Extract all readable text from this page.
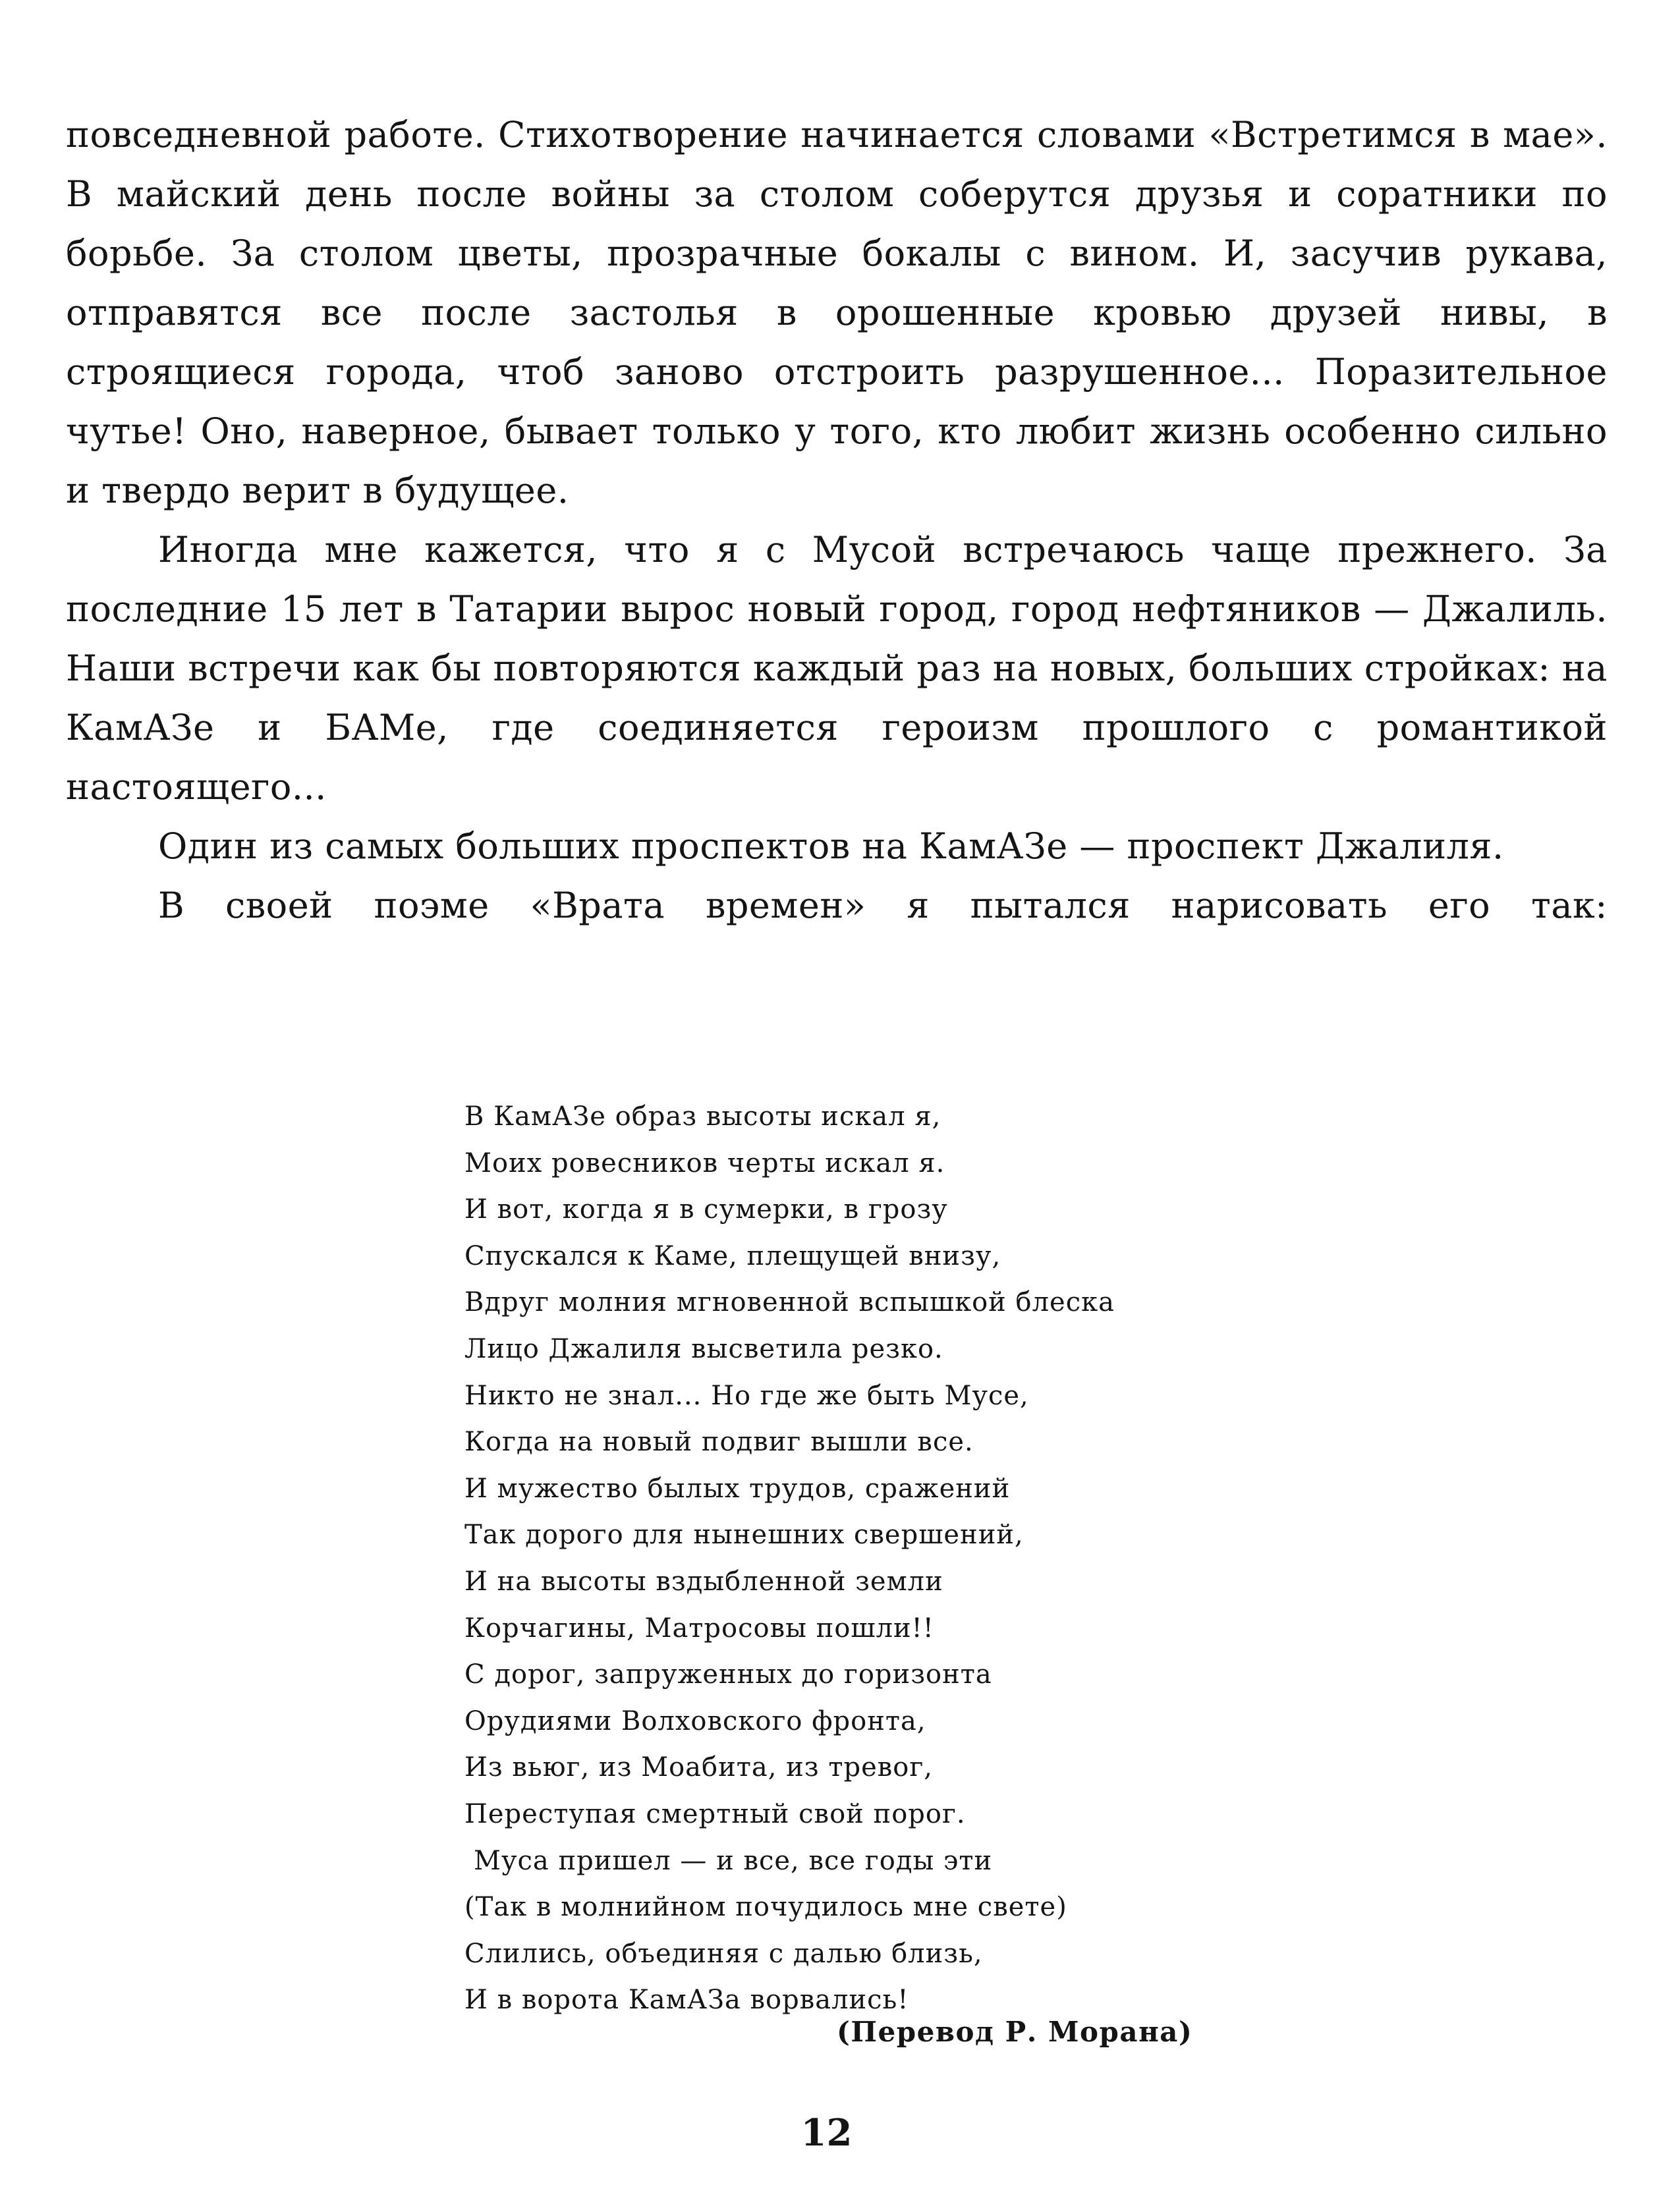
повседневной работе. Стихотворение начинается словами «Встретимся в мае». В майский день после войны за столом соберутся друзья и соратники по борьбе. За столом цветы, прозрачные бокалы с вином. И, засучив рукава, отправятся все после застолья в орошенные кровью друзей нивы, в строящиеся города, чтоб заново отстроить разрушенное... Поразительное чутье! Оно, наверное, бывает только у того, кто любит жизнь особенно сильно и твердо верит в будущее.

Иногда мне кажется, что я с Мусой встречаюсь чаще прежнего. За последние 15 лет в Татарии вырос новый город, город нефтяников — Джалиль. Наши встречи как бы повторяются каждый раз на новых, больших стройках: на КамАЗе и БАМе, где соединяется героизм прошлого с романтикой настоящего...

Один из самых больших проспектов на КамАЗе — проспект Джалиля.

В своей поэме «Врата времен» я пытался нарисовать его так:

В КамАЗе образ высоты искал я,
Моих ровесников черты искал я.
И вот, когда я в сумерки, в грозу
Спускался к Каме, плещущей внизу,
Вдруг молния мгновенной вспышкой блеска
Лицо Джалиля высветила резко.
Никто не знал... Но где же быть Мусе,
Когда на новый подвиг вышли все.
И мужество былых трудов, сражений
Так дорого для нынешних свершений,
И на высоты вздыбленной земли
Корчагины, Матросовы пошли!!
С дорог, запруженных до горизонта
Орудиями Волховского фронта,
Из вьюг, из Моабита, из тревог,
Переступая смертный свой порог.
Муса пришел — и все, все годы эти
(Так в молнийном почудилось мне свете)
Слились, объединяя с далью близь,
И в ворота КамАЗа ворвались!
(Перевод Р. Морана)
12
